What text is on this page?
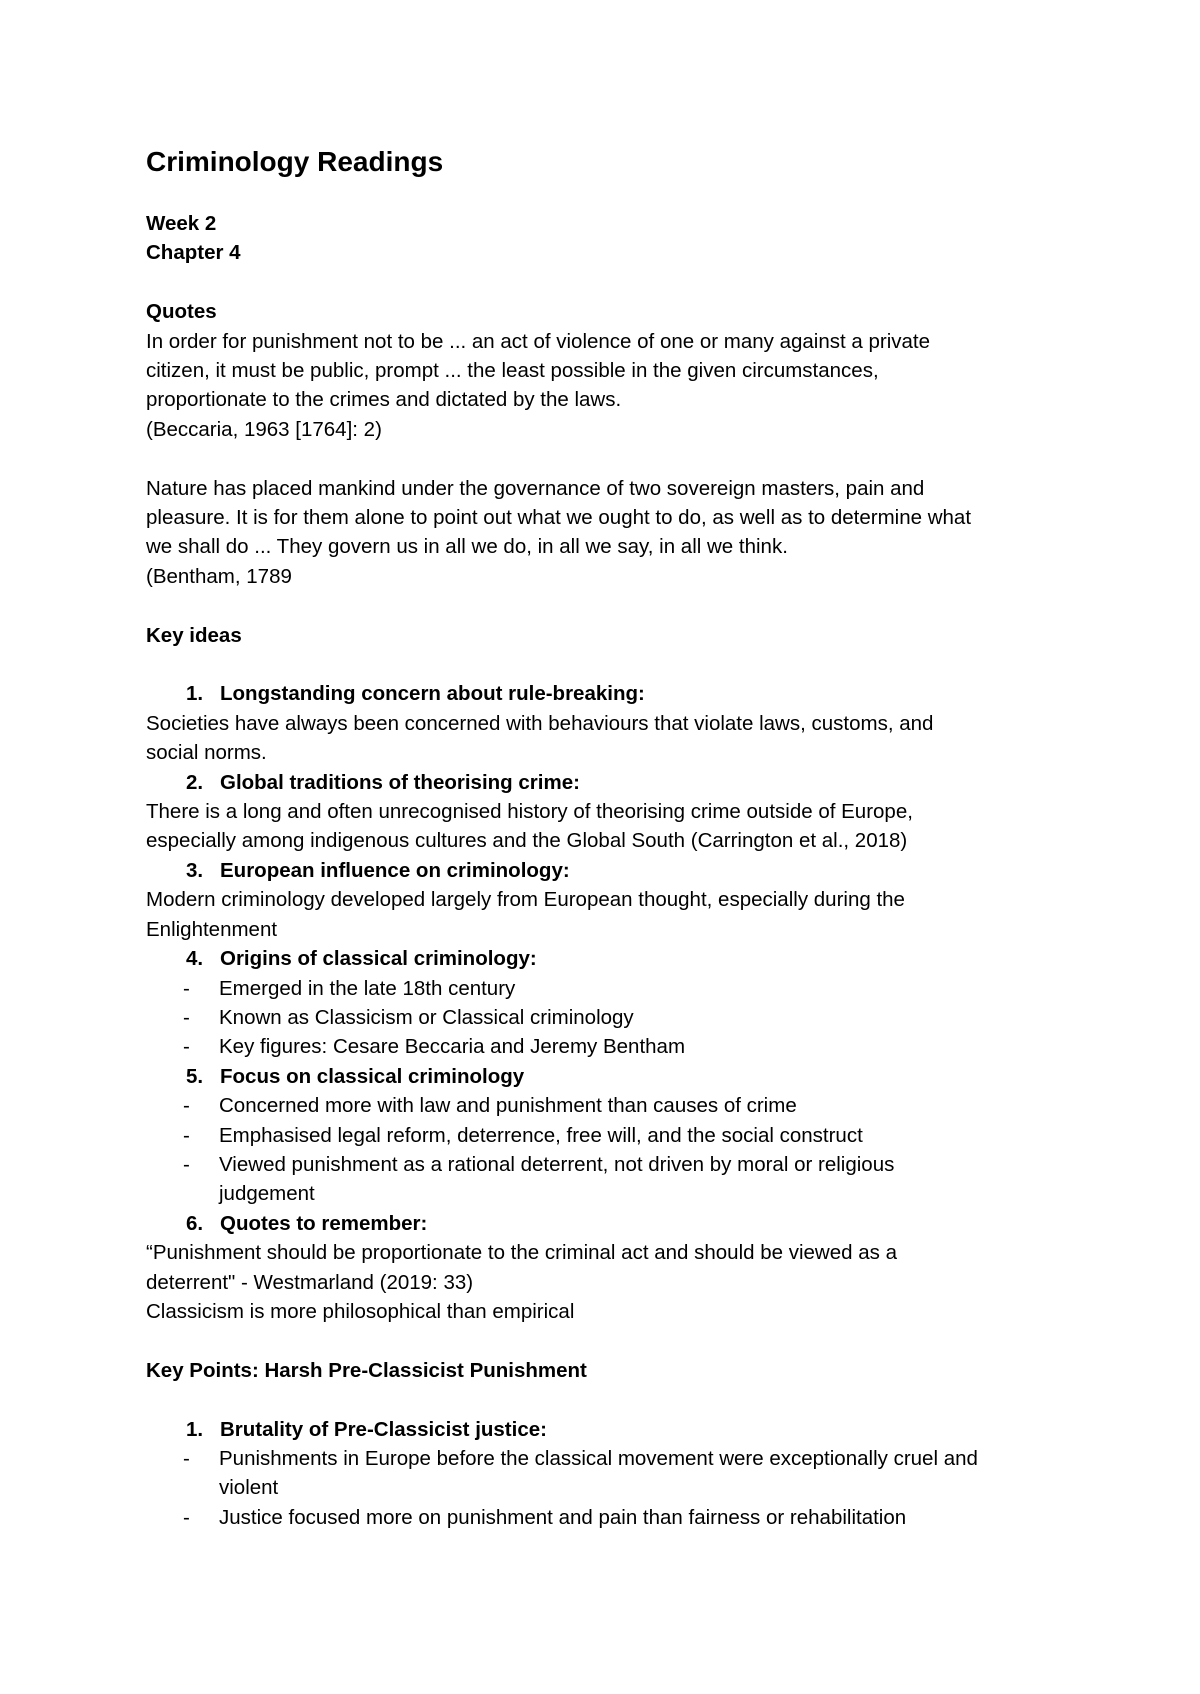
Criminology Readings
Week 2
Chapter 4
Quotes
In order for punishment not to be ... an act of violence of one or many against a private
citizen, it must be public, prompt ... the least possible in the given circumstances,
proportionate to the crimes and dictated by the laws.
(Beccaria, 1963 [1764]: 2)
Nature has placed mankind under the governance of two sovereign masters, pain and
pleasure. It is for them alone to point out what we ought to do, as well as to determine what
we shall do ... They govern us in all we do, in all we say, in all we think.
(Bentham, 1789
Key ideas
1. Longstanding concern about rule-breaking:
Societies have always been concerned with behaviours that violate laws, customs, and
social norms.
2. Global traditions of theorising crime:
There is a long and often unrecognised history of theorising crime outside of Europe,
especially among indigenous cultures and the Global South (Carrington et al., 2018)
3. European influence on criminology:
Modern criminology developed largely from European thought, especially during the
Enlightenment
4. Origins of classical criminology:
- Emerged in the late 18th century
- Known as Classicism or Classical criminology
- Key figures: Cesare Beccaria and Jeremy Bentham
5. Focus on classical criminology
- Concerned more with law and punishment than causes of crime
- Emphasised legal reform, deterrence, free will, and the social construct
- Viewed punishment as a rational deterrent, not driven by moral or religious
judgement
6. Quotes to remember:
“Punishment should be proportionate to the criminal act and should be viewed as a
deterrent" - Westmarland (2019: 33)
Classicism is more philosophical than empirical
Key Points: Harsh Pre-Classicist Punishment
1. Brutality of Pre-Classicist justice:
- Punishments in Europe before the classical movement were exceptionally cruel and
violent
- Justice focused more on punishment and pain than fairness or rehabilitation
